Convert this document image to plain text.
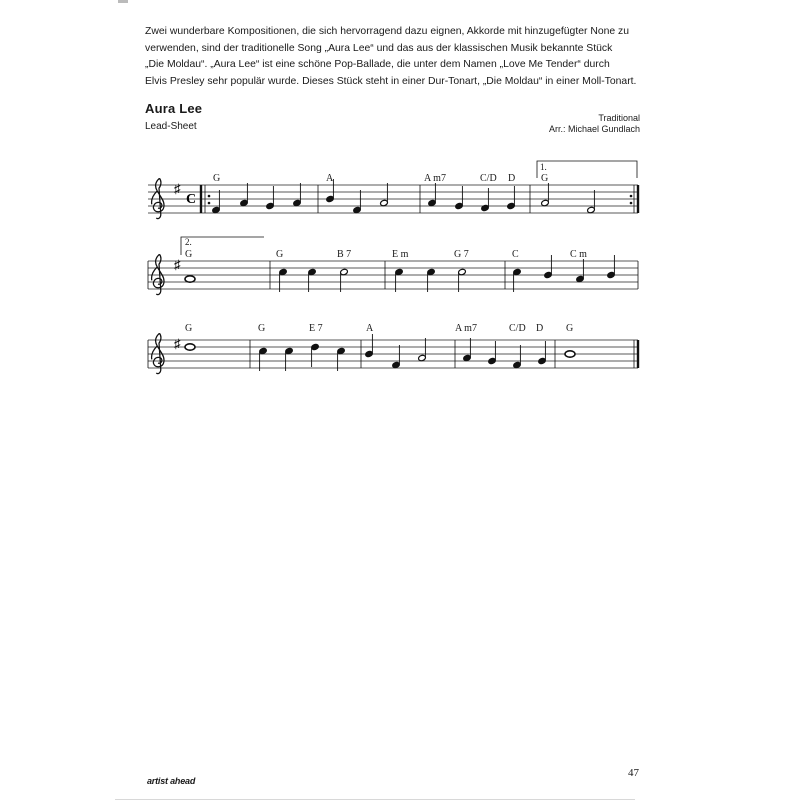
Zwei wunderbare Kompositionen, die sich hervorragend dazu eignen, Akkorde mit hinzugefügter None zu

verwenden, sind der traditionelle Song „Aura Lee“ und das aus der klassischen Musik bekannte Stück

„Die Moldau“. „Aura Lee“ ist eine schöne Pop-Ballade, die unter dem Namen „Love Me Tender“ durch

Elvis Presley sehr populär wurde. Dieses Stück steht in einer Dur-Tonart, „Die Moldau“ in einer Moll-Tonart.

Aura Lee
Lead-Sheet
Traditional
Arr.: Michael Gundlach
♯
C
1.
G	A	A m7	C/D D	G
♯
2.
G	G	B 7	E m	G 7	C	C m
♯
G	G	E 7	A	A m7	C/D D G
artist ahead
47
